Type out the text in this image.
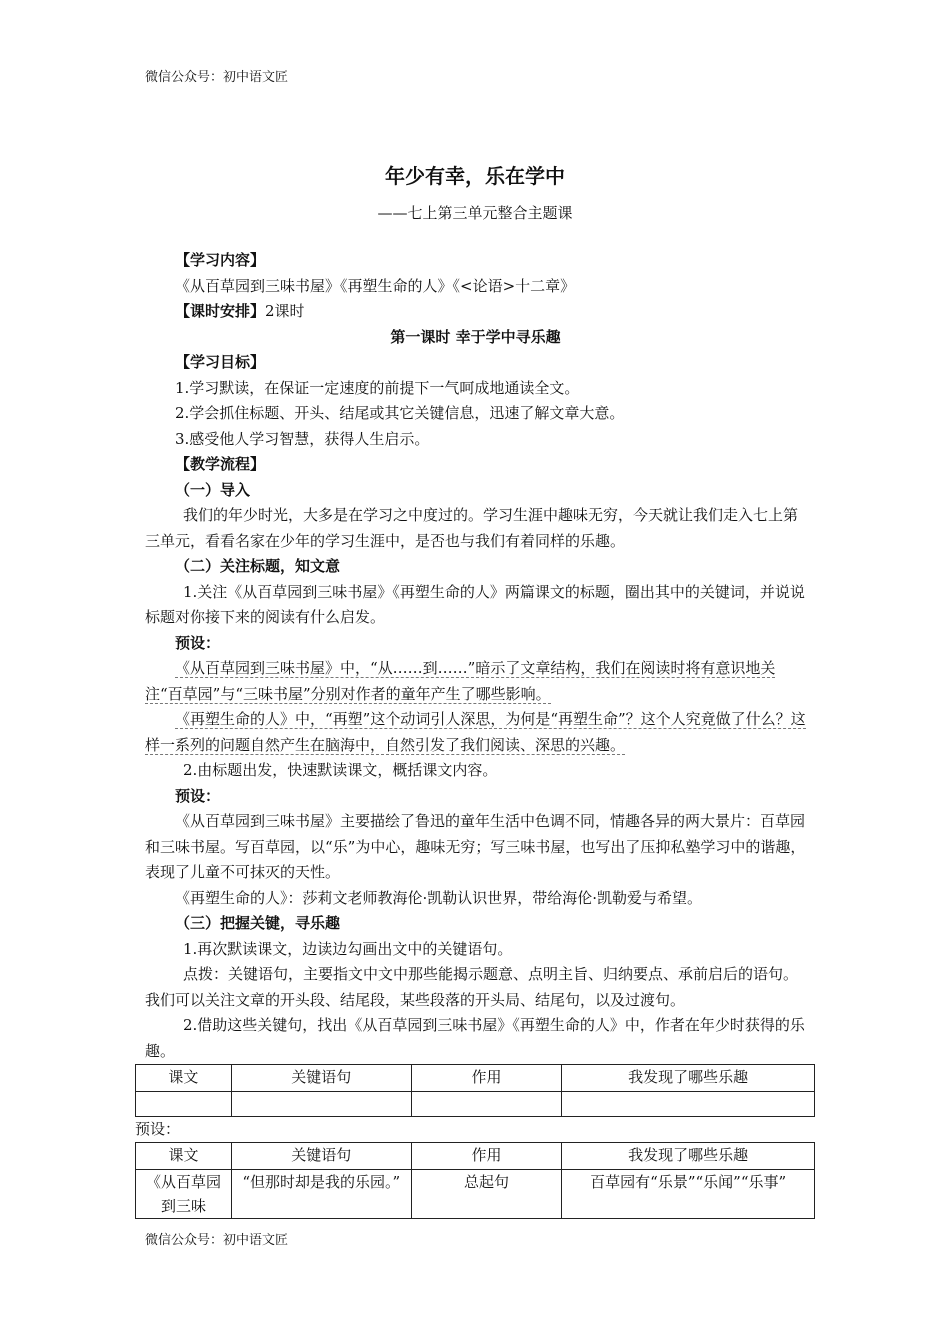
微信公众号：初中语文匠
年少有幸，乐在学中
——七上第三单元整合主题课

【学习内容】

《从百草园到三味书屋》《再塑生命的人》《<论语>十二章》

【课时安排】2课时

第一课时 幸于学中寻乐趣

【学习目标】

1.学习默读，在保证一定速度的前提下一气呵成地通读全文。

2.学会抓住标题、开头、结尾或其它关键信息，迅速了解文章大意。

3.感受他人学习智慧，获得人生启示。

【教学流程】

（一）导入

我们的年少时光，大多是在学习之中度过的。学习生涯中趣味无穷，今天就让我们走入七上第三单元，看看名家在少年的学习生涯中，是否也与我们有着同样的乐趣。

（二）关注标题，知文意

1.关注《从百草园到三味书屋》《再塑生命的人》两篇课文的标题，圈出其中的关键词，并说说标题对你接下来的阅读有什么启发。

预设：

《从百草园到三味书屋》中，“从……到……”暗示了文章结构，我们在阅读时将有意识地关注“百草园”与“三味书屋”分别对作者的童年产生了哪些影响。

《再塑生命的人》中，“再塑”这个动词引人深思，为何是“再塑生命”？这个人究竟做了什么？这样一系列的问题自然产生在脑海中，自然引发了我们阅读、深思的兴趣。

2.由标题出发，快速默读课文，概括课文内容。

预设：

《从百草园到三味书屋》主要描绘了鲁迅的童年生活中色调不同，情趣各异的两大景片：百草园和三味书屋。写百草园，以“乐”为中心，趣味无穷；写三味书屋，也写出了压抑私塾学习中的谐趣，表现了儿童不可抹灭的天性。

《再塑生命的人》：莎莉文老师教海伦·凯勒认识世界，带给海伦·凯勒爱与希望。

（三）把握关键，寻乐趣

1.再次默读课文，边读边勾画出文中的关键语句。

点拨：关键语句，主要指文中文中那些能揭示题意、点明主旨、归纳要点、承前启后的语句。我们可以关注文章的开头段、结尾段，某些段落的开头局、结尾句，以及过渡句。

2.借助这些关键句，找出《从百草园到三味书屋》《再塑生命的人》中，作者在年少时获得的乐趣。

课文	关键语句	作用	我发现了哪些乐趣

预设：

课文	关键语句	作用	我发现了哪些乐趣
《从百草园到三味	“但那时却是我的乐园。”	总起句	百草园有“乐景”“乐闻”“乐事”
微信公众号：初中语文匠
